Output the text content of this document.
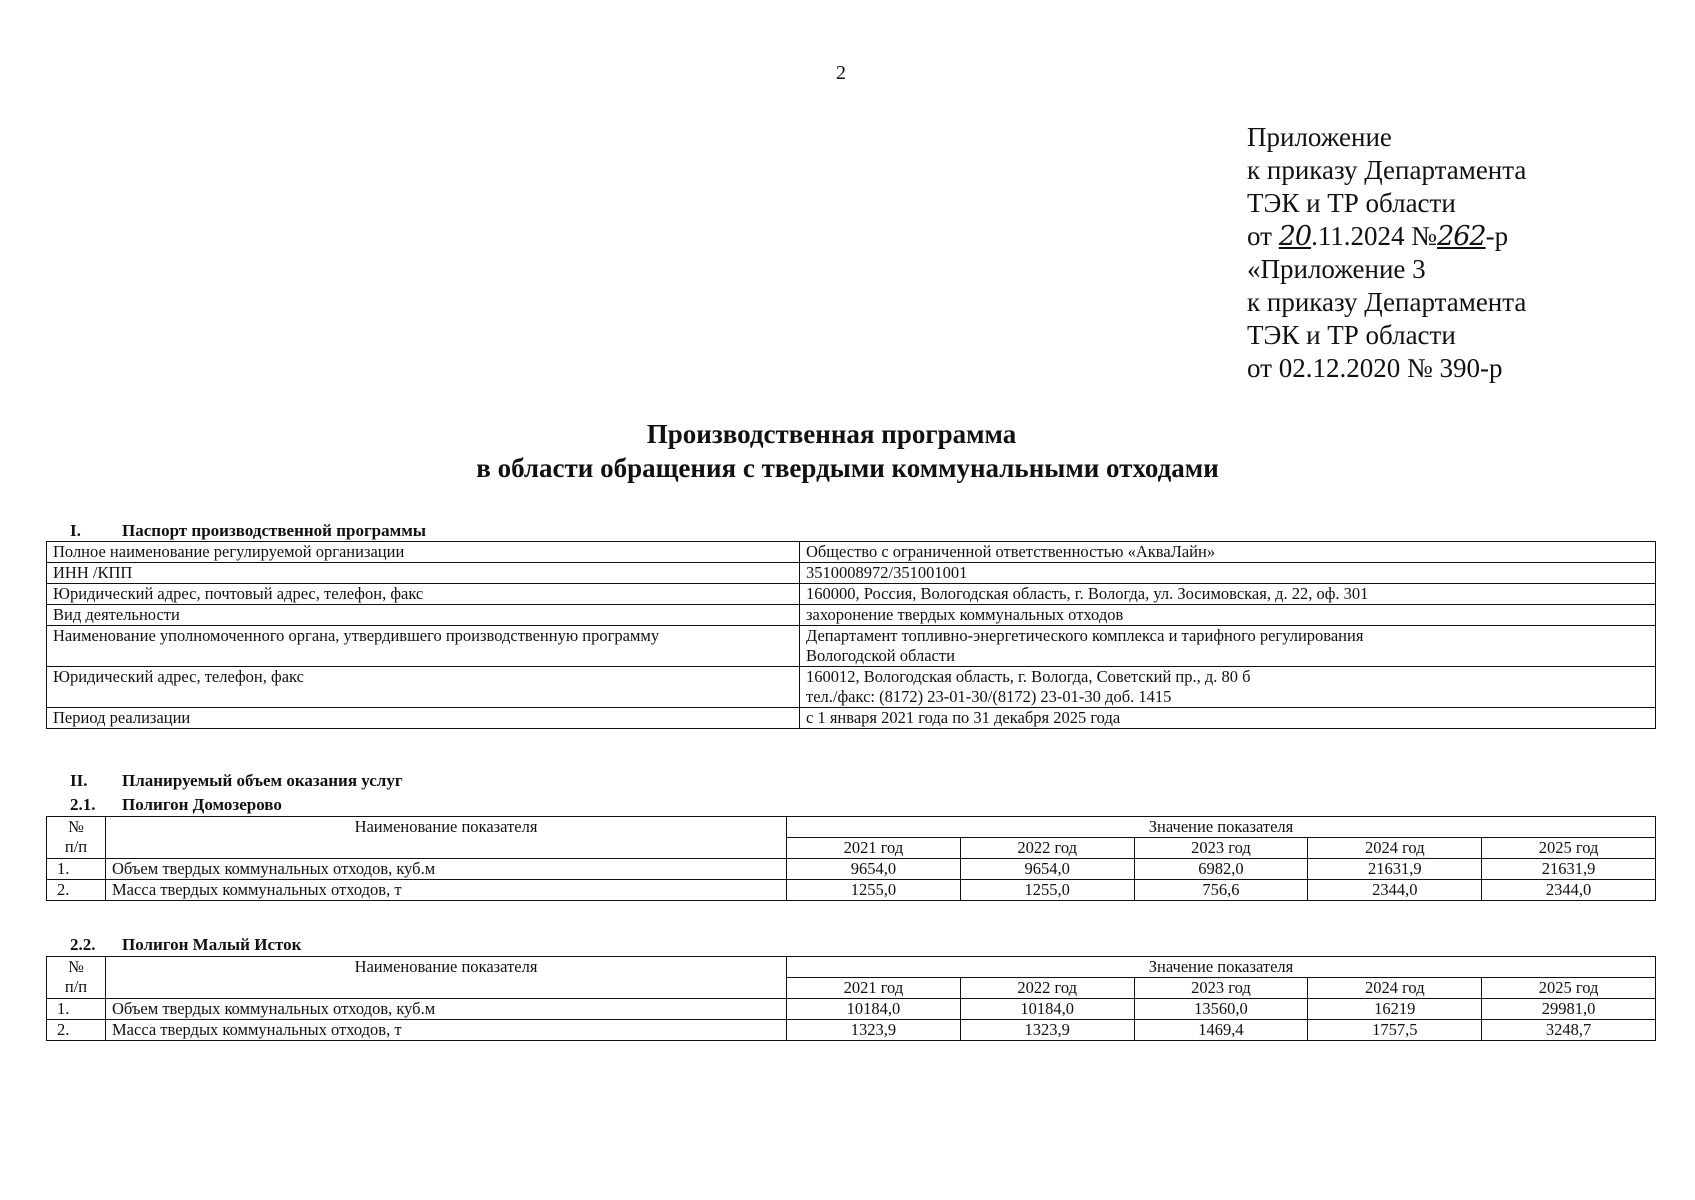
2
Приложение
к приказу Департамента
ТЭК и ТР области
от 20.11.2024 №262-р
«Приложение 3
к приказу Департамента
ТЭК и ТР области
от 02.12.2020 № 390-р
Производственная программа
в области обращения с твердыми коммунальными отходами
I. Паспорт производственной программы
Полное наименование регулируемой организации	Общество с ограниченной ответственностью «АкваЛайн»
ИНН /КПП	3510008972/351001001
Юридический адрес, почтовый адрес, телефон, факс	160000, Россия, Вологодская область, г. Вологда, ул. Зосимовская, д. 22, оф. 301
Вид деятельности	захоронение твердых коммунальных отходов
Наименование уполномоченного органа, утвердившего производственную программу	Департамент топливно-энергетического комплекса и тарифного регулирования
Вологодской области

Юридический адрес, телефон, факс	160012, Вологодская область, г. Вологда, Советский пр., д. 80 б
тел./факс: (8172) 23-01-30/(8172) 23-01-30 доб. 1415

Период реализации	с 1 января 2021 года по 31 декабря 2025 года
II. Планируемый объем оказания услуг
2.1. Полигон Домозерово
№
п/п	Наименование показателя	Значение показателя				
		2021 год	2022 год	2023 год	2024 год	2025 год
1.	Объем твердых коммунальных отходов, куб.м	9654,0	9654,0	6982,0	21631,9	21631,9
2.	Масса твердых коммунальных отходов, т	1255,0	1255,0	756,6	2344,0	2344,0
2.2. Полигон Малый Исток
№
п/п	Наименование показателя	Значение показателя				
		2021 год	2022 год	2023 год	2024 год	2025 год
1.	Объем твердых коммунальных отходов, куб.м	10184,0	10184,0	13560,0	16219	29981,0
2.	Масса твердых коммунальных отходов, т	1323,9	1323,9	1469,4	1757,5	3248,7
